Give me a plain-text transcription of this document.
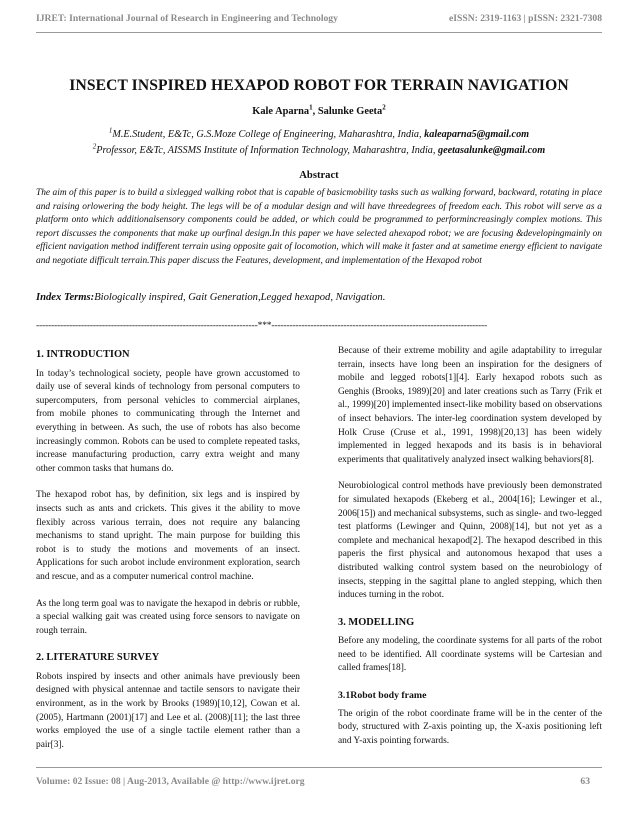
IJRET: International Journal of Research in Engineering and Technology	eISSN: 2319-1163 | pISSN: 2321-7308
INSECT INSPIRED HEXAPOD ROBOT FOR TERRAIN NAVIGATION
Kale Aparna$^1$, Salunke Geeta$^2$
$^1$M.E.Student, E&Tc, G.S.Moze College of Engineering, Maharashtra, India, kaleaparna5@gmail.com
$^2$Professor, E&Tc, AISSMS Institute of Information Technology, Maharashtra, India, geetasalunke@gmail.com
Abstract

The aim of this paper is to build a sixlegged walking robot that is capable of basicmobility tasks such as walking forward, backward, rotating in place and raising orlowering the body height. The legs will be of a modular design and will have threedegrees of freedom each. This robot will serve as a platform onto which additionalsensory components could be added, or which could be programmed to performincreasingly complex motions. This report discusses the components that make up ourfinal design.In this paper we have selected ahexapod robot; we are focusing &developingmainly on efficient navigation method indifferent terrain using opposite gait of locomotion, which will make it faster and at sametime energy efficient to navigate and negotiate difficult terrain.This paper discuss the Features, development, and implementation of the Hexapod robot

Index Terms:Biologically inspired, Gait Generation,Legged hexapod, Navigation.
--------------------------------------------------------------------------***------------------------------------------------------------------------
1. INTRODUCTION

In today’s technological society, people have grown accustomed to daily use of several kinds of technology from personal computers to supercomputers, from personal vehicles to commercial airplanes, from mobile phones to communicating through the Internet and everything in between. As such, the use of robots has also become increasingly common. Robots can be used to complete repeated tasks, increase manufacturing production, carry extra weight and many other common tasks that humans do.

The hexapod robot has, by definition, six legs and is inspired by insects such as ants and crickets. This gives it the ability to move flexibly across various terrain, does not require any balancing mechanisms to stand upright. The main purpose for building this robot is to study the motions and movements of an insect. Applications for such arobot include environment exploration, search and rescue, and as a computer numerical control machine.

As the long term goal was to navigate the hexapod in debris or rubble, a special walking gait was created using force sensors to navigate on rough terrain.

2. LITERATURE SURVEY

Robots inspired by insects and other animals have previously been designed with physical antennae and tactile sensors to navigate their environment, as in the work by Brooks (1989)[10,12], Cowan et al. (2005), Hartmann (2001)[17] and Lee et al. (2008)[11]; the last three works employed the use of a single tactile element rather than a pair[3].

Because of their extreme mobility and agile adaptability to irregular terrain, insects have long been an inspiration for the designers of mobile and legged robots[1][4]. Early hexapod robots such as Genghis (Brooks, 1989)[20] and later creations such as Tarry (Frik et al., 1999)[20] implemented insect-like mobility based on observations of insect behaviors. The inter-leg coordination system developed by Holk Cruse (Cruse et al., 1991, 1998)[20,13] has been widely implemented in legged hexapods and its basis is in behavioral experiments that qualitatively analyzed insect walking behaviors[8].

Neurobiological control methods have previously been demonstrated for simulated hexapods (Ekeberg et al., 2004[16]; Lewinger et al., 2006[15]) and mechanical subsystems, such as single- and two-legged test platforms (Lewinger and Quinn, 2008)[14], but not yet as a complete and mechanical hexapod[2]. The hexapod described in this paperis the first physical and autonomous hexapod that uses a distributed walking control system based on the neurobiology of insects, stepping in the sagittal plane to angled stepping, which then induces turning in the robot.

3. MODELLING

Before any modeling, the coordinate systems for all parts of the robot need to be identified. All coordinate systems will be Cartesian and called frames[18].

3.1Robot body frame

The origin of the robot coordinate frame will be in the center of the body, structured with Z-axis pointing up, the X-axis positioning left and Y-axis pointing forwards.

Volume: 02 Issue: 08 | Aug-2013, Available @ http://www.ijret.org	63
